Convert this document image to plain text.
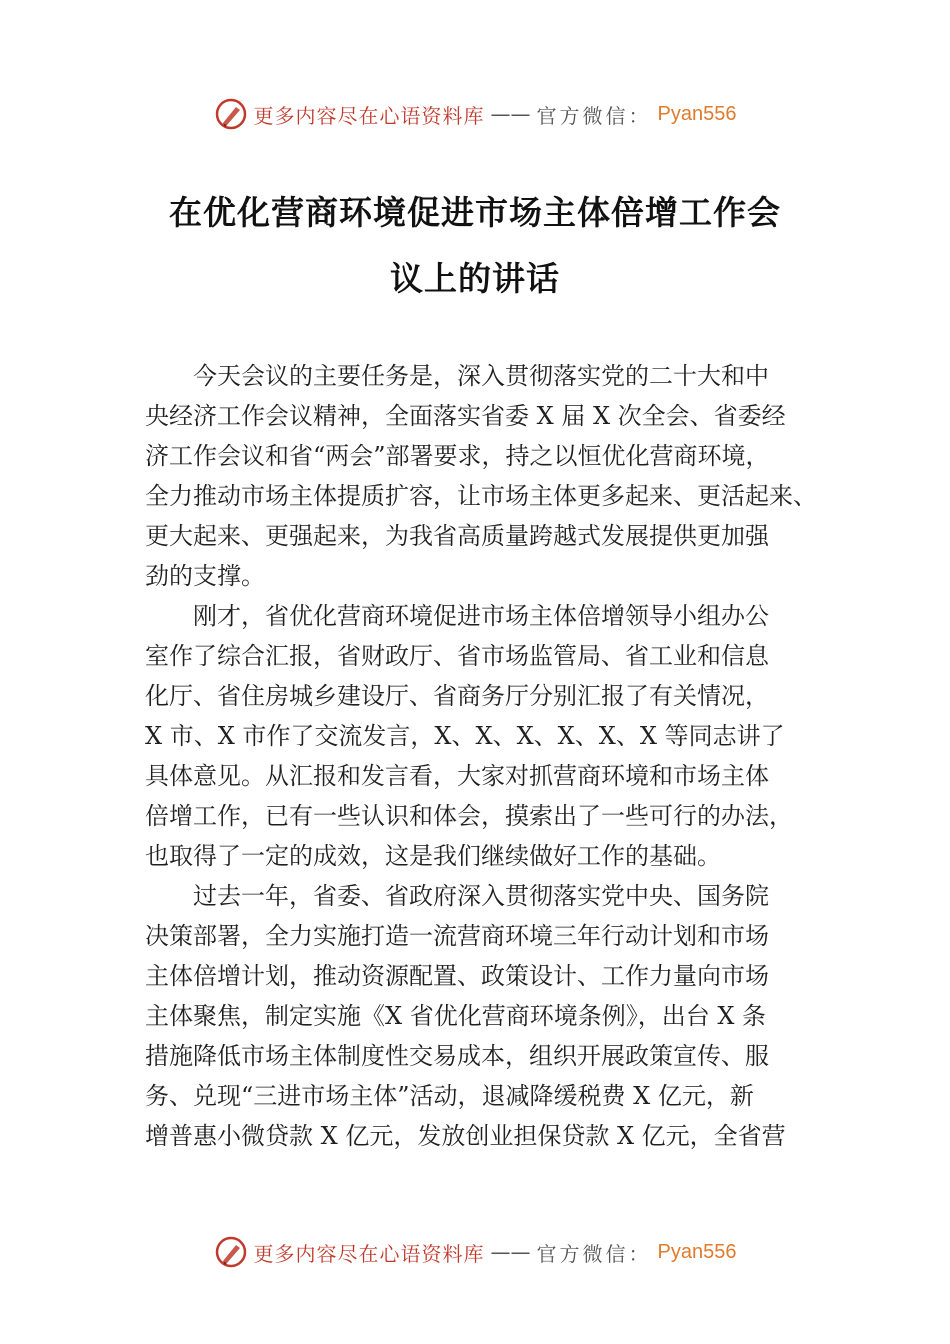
更多内容尽在心语资料库 —— 官方微信： Pyan556
在优化营商环境促进市场主体倍增工作会
议上的讲话

今天会议的主要任务是，深入贯彻落实党的二十大和中
央经济工作会议精神，全面落实省委 X 届 X 次全会、省委经
济工作会议和省“两会”部署要求，持之以恒优化营商环境，
全力推动市场主体提质扩容，让市场主体更多起来、更活起来、
更大起来、更强起来，为我省高质量跨越式发展提供更加强
劲的支撑。

刚才，省优化营商环境促进市场主体倍增领导小组办公
室作了综合汇报，省财政厅、省市场监管局、省工业和信息
化厅、省住房城乡建设厅、省商务厅分别汇报了有关情况，
X 市、X 市作了交流发言，X、X、X、X、X、X 等同志讲了
具体意见。从汇报和发言看，大家对抓营商环境和市场主体
倍增工作，已有一些认识和体会，摸索出了一些可行的办法，
也取得了一定的成效，这是我们继续做好工作的基础。

过去一年，省委、省政府深入贯彻落实党中央、国务院
决策部署，全力实施打造一流营商环境三年行动计划和市场
主体倍增计划，推动资源配置、政策设计、工作力量向市场
主体聚焦，制定实施《X 省优化营商环境条例》，出台 X 条
措施降低市场主体制度性交易成本，组织开展政策宣传、服
务、兑现“三进市场主体”活动，退减降缓税费 X 亿元，新
增普惠小微贷款 X 亿元，发放创业担保贷款 X 亿元，全省营

更多内容尽在心语资料库 —— 官方微信： Pyan556
